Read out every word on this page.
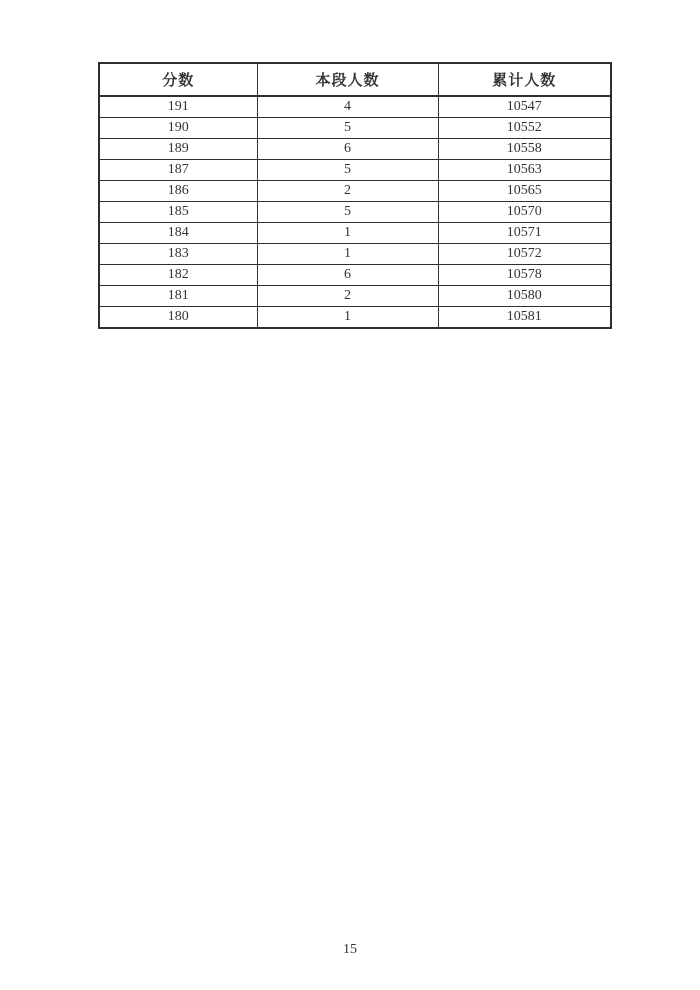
分数	本段人数	累计人数
191	4	10547
190	5	10552
189	6	10558
187	5	10563
186	2	10565
185	5	10570
184	1	10571
183	1	10572
182	6	10578
181	2	10580
180	1	10581
15
